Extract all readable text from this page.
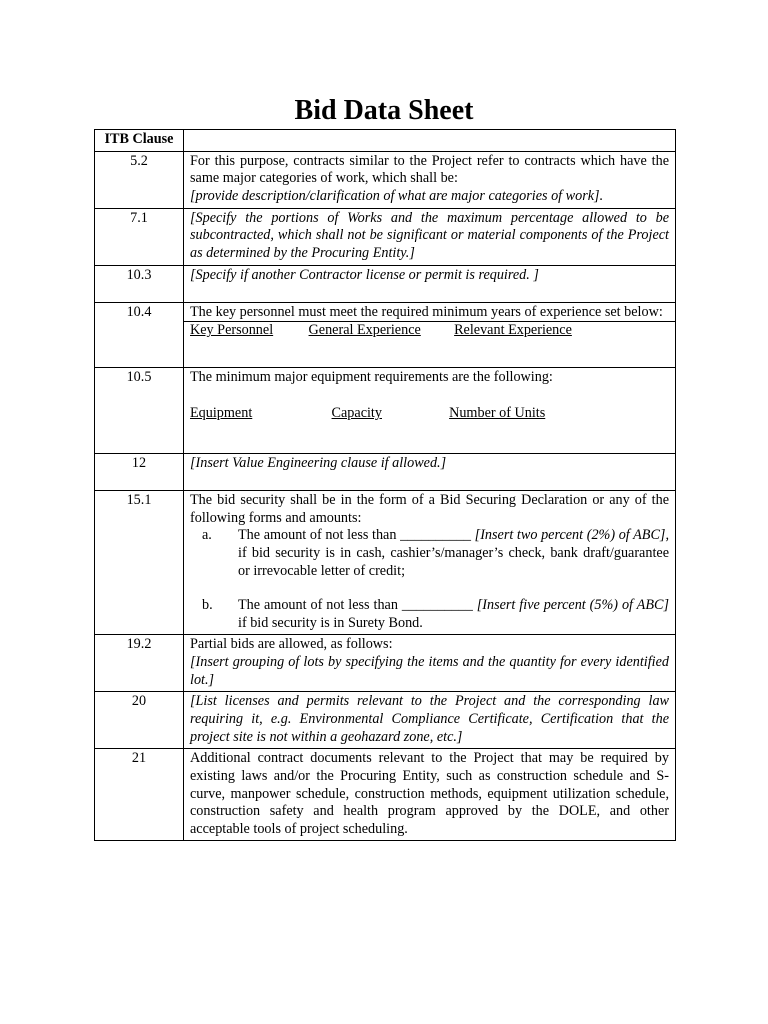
Bid Data Sheet
ITB Clause	
5.2	For this purpose, contracts similar to the Project refer to contracts which have the same major categories of work, which shall be:
[provide description/clarification of what are major categories of work].

7.1	[Specify the portions of Works and the maximum percentage allowed to be subcontracted, which shall not be significant or material components of the Project as determined by the Procuring Entity.]

10.3	[Specify if another Contractor license or permit is required. ]

10.4	The key personnel must meet the required minimum years of experience set below:
Key Personnel General Experience Relevant Experience

10.5	The minimum major equipment requirements are the following:
Equipment Capacity Number of Units

12	[Insert Value Engineering clause if allowed.]

15.1	The bid security shall be in the form of a Bid Securing Declaration or any of the following forms and amounts:
a. The amount of not less than __________ [Insert two percent (2%) of ABC], if bid security is in cash, cashier’s/manager’s check, bank draft/guarantee or irrevocable letter of credit;
b. The amount of not less than __________ [Insert five percent (5%) of ABC] if bid security is in Surety Bond.

19.2	Partial bids are allowed, as follows:
[Insert grouping of lots by specifying the items and the quantity for every identified lot.]

20	[List licenses and permits relevant to the Project and the corresponding law requiring it, e.g. Environmental Compliance Certificate, Certification that the project site is not within a geohazard zone, etc.]

21	Additional contract documents relevant to the Project that may be required by existing laws and/or the Procuring Entity, such as construction schedule and S-curve, manpower schedule, construction methods, equipment utilization schedule, construction safety and health program approved by the DOLE, and other acceptable tools of project scheduling.
